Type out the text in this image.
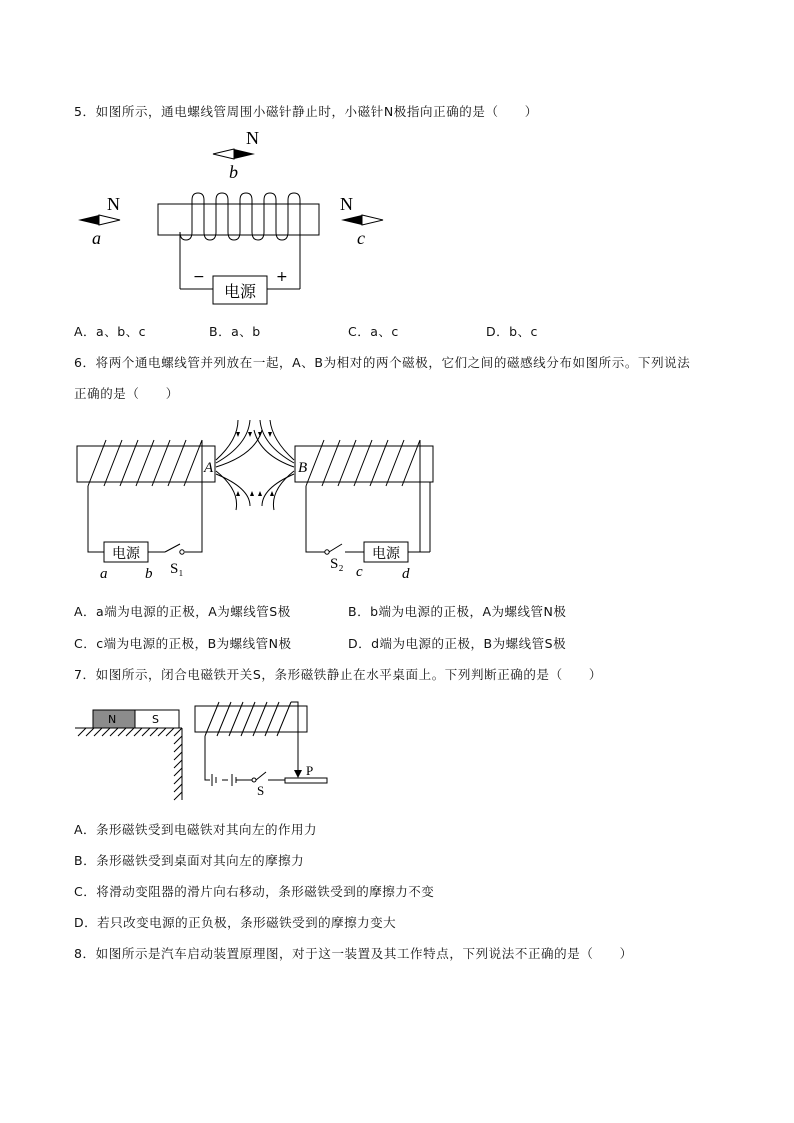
5．如图所示，通电螺线管周围小磁针静止时，小磁针N极指向正确的是（　　）
N
b
N
a
N
c
电源
−	+
A．a、b、c	B．a、b	C．a、c	D．b、c
6．将两个通电螺线管并列放在一起，A、B为相对的两个磁极，它们之间的磁感线分布如图所示。下列说法
正确的是（　　）
电源
S₁
a	b
A
电源
S₂ c	d
B
A．a端为电源的正极，A为螺线管S极	B．b端为电源的正极，A为螺线管N极
C．c端为电源的正极，B为螺线管N极	D．d端为电源的正极，B为螺线管S极
7．如图所示，闭合电磁铁开关S，条形磁铁静止在水平桌面上。下列判断正确的是（　　）
N	S
S
P
A．条形磁铁受到电磁铁对其向左的作用力
B．条形磁铁受到桌面对其向左的摩擦力
C．将滑动变阻器的滑片向右移动，条形磁铁受到的摩擦力不变
D．若只改变电源的正负极，条形磁铁受到的摩擦力变大
8．如图所示是汽车启动装置原理图，对于这一装置及其工作特点，下列说法不正确的是（　　）
